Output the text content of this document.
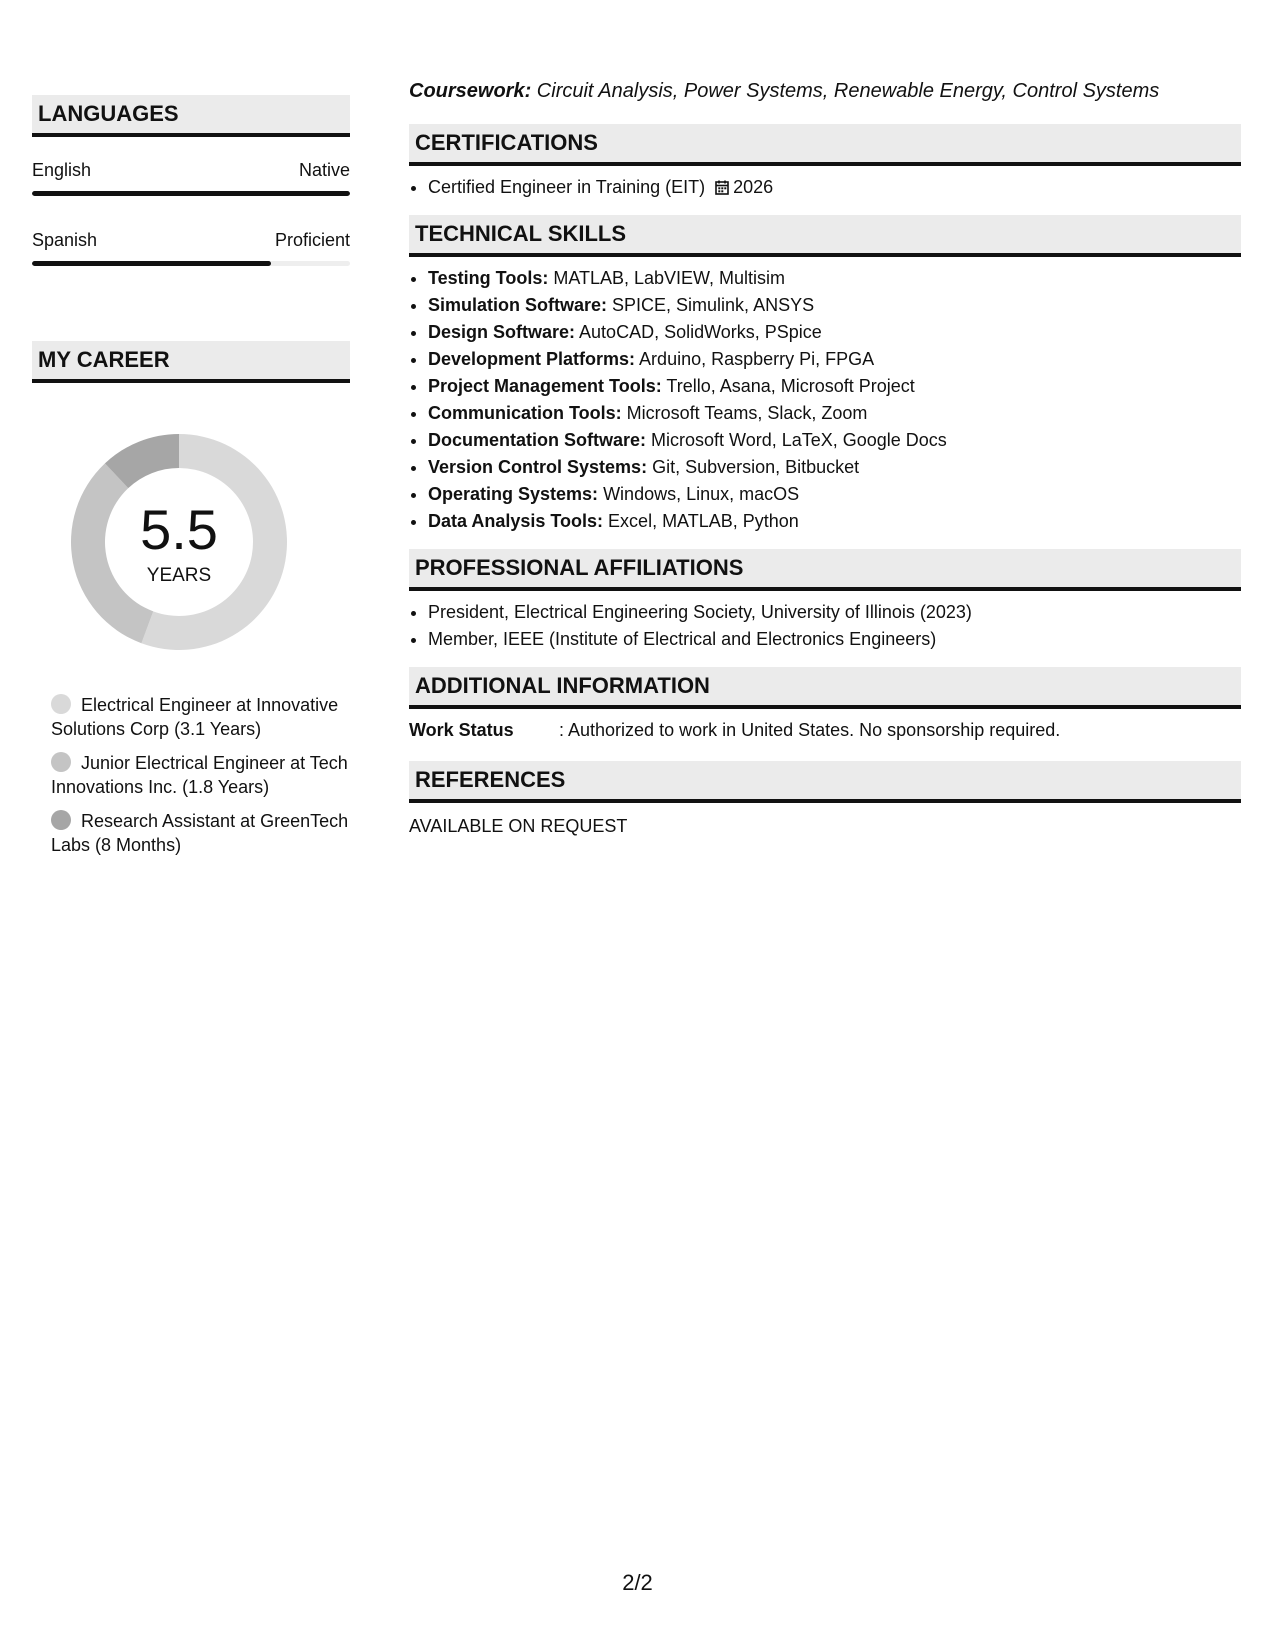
LANGUAGES
English	Native
Spanish	Proficient
MY CAREER
5.5
YEARS
Electrical Engineer at Innovative Solutions Corp (3.1 Years)
Junior Electrical Engineer at Tech Innovations Inc. (1.8 Years)
Research Assistant at GreenTech Labs (8 Months)
Coursework: Circuit Analysis, Power Systems, Renewable Energy, Control Systems
CERTIFICATIONS
• Certified Engineer in Training (EIT) 2026
TECHNICAL SKILLS
• Testing Tools: MATLAB, LabVIEW, Multisim
• Simulation Software: SPICE, Simulink, ANSYS
• Design Software: AutoCAD, SolidWorks, PSpice
• Development Platforms: Arduino, Raspberry Pi, FPGA
• Project Management Tools: Trello, Asana, Microsoft Project
• Communication Tools: Microsoft Teams, Slack, Zoom
• Documentation Software: Microsoft Word, LaTeX, Google Docs
• Version Control Systems: Git, Subversion, Bitbucket
• Operating Systems: Windows, Linux, macOS
• Data Analysis Tools: Excel, MATLAB, Python
PROFESSIONAL AFFILIATIONS
• President, Electrical Engineering Society, University of Illinois (2023)
• Member, IEEE (Institute of Electrical and Electronics Engineers)
ADDITIONAL INFORMATION
Work Status	: Authorized to work in United States. No sponsorship required.
REFERENCES
AVAILABLE ON REQUEST
2/2
